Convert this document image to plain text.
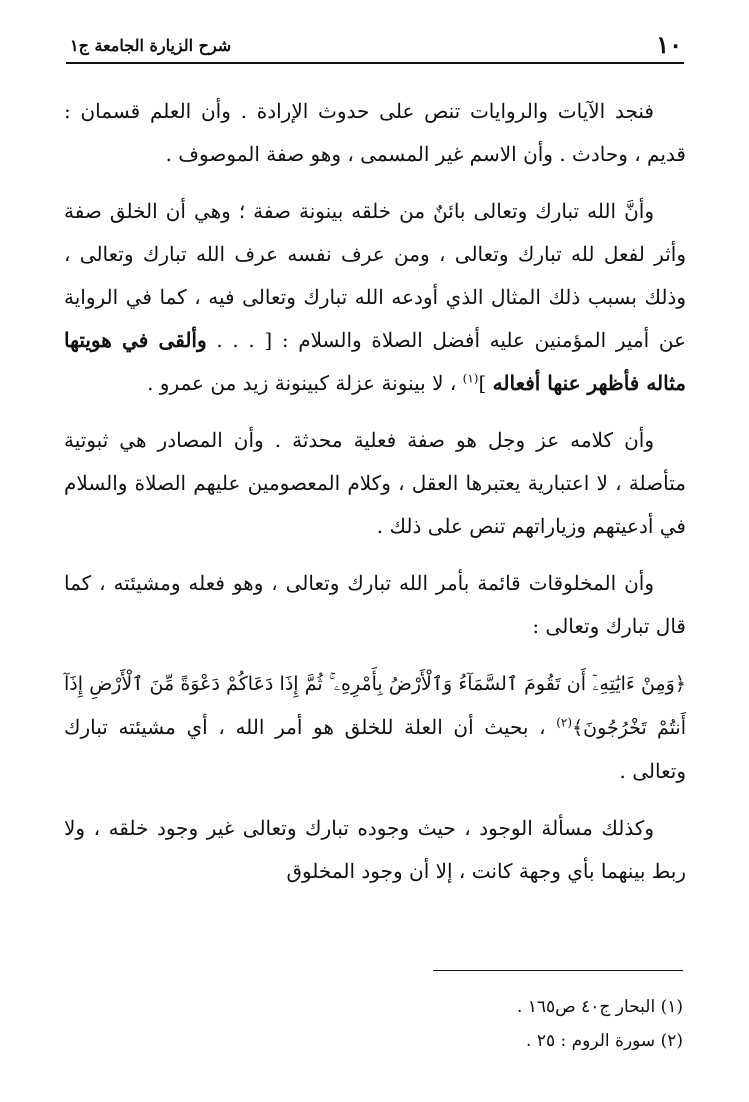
١٠
شرح الزيارة الجامعة ج١

فنجد الآيات والروايات تنص على حدوث الإرادة . وأن العلم قسمان : قديم ، وحادث . وأن الاسم غير المسمى ، وهو صفة الموصوف .

وأنَّ الله تبارك وتعالى بائنٌ من خلقه بينونة صفة ؛ وهي أن الخلق صفة وأثر لفعل لله تبارك وتعالى ، ومن عرف نفسه عرف الله تبارك وتعالى ، وذلك بسبب ذلك المثال الذي أودعه الله تبارك وتعالى فيه ، كما في الرواية عن أمير المؤمنين عليه أفضل الصلاة والسلام : [ . . . وألقى في هويتها مثاله فأظهر عنها أفعاله ]$^{(١)}$ ، لا بينونة عزلة كبينونة زيد من عمرو .

وأن كلامه عز وجل هو صفة فعلية محدثة . وأن المصادر هي ثبوتية متأصلة ، لا اعتبارية يعتبرها العقل ، وكلام المعصومين عليهم الصلاة والسلام في أدعيتهم وزياراتهم تنص على ذلك .

وأن المخلوقات قائمة بأمر الله تبارك وتعالى ، وهو فعله ومشيئته ، كما قال تبارك وتعالى :

﴿وَمِنْ ءَايَٰتِهِۦٓ أَن تَقُومَ ٱلسَّمَآءُ وَٱلْأَرْضُ بِأَمْرِهِۦ ۚ ثُمَّ إِذَا دَعَاكُمْ دَعْوَةً مِّنَ ٱلْأَرْضِ إِذَآ أَنتُمْ تَخْرُجُونَ﴾$^{(٢)}$ ، بحيث أن العلة للخلق هو أمر الله ، أي مشيئته تبارك وتعالى .

وكذلك مسألة الوجود ، حيث وجوده تبارك وتعالى غير وجود خلقه ، ولا ربط بينهما بأي وجهة كانت ، إلا أن وجود المخلوق

(١) البحار ج٤٠ ص١٦٥ .

(٢) سورة الروم : ٢٥ .
